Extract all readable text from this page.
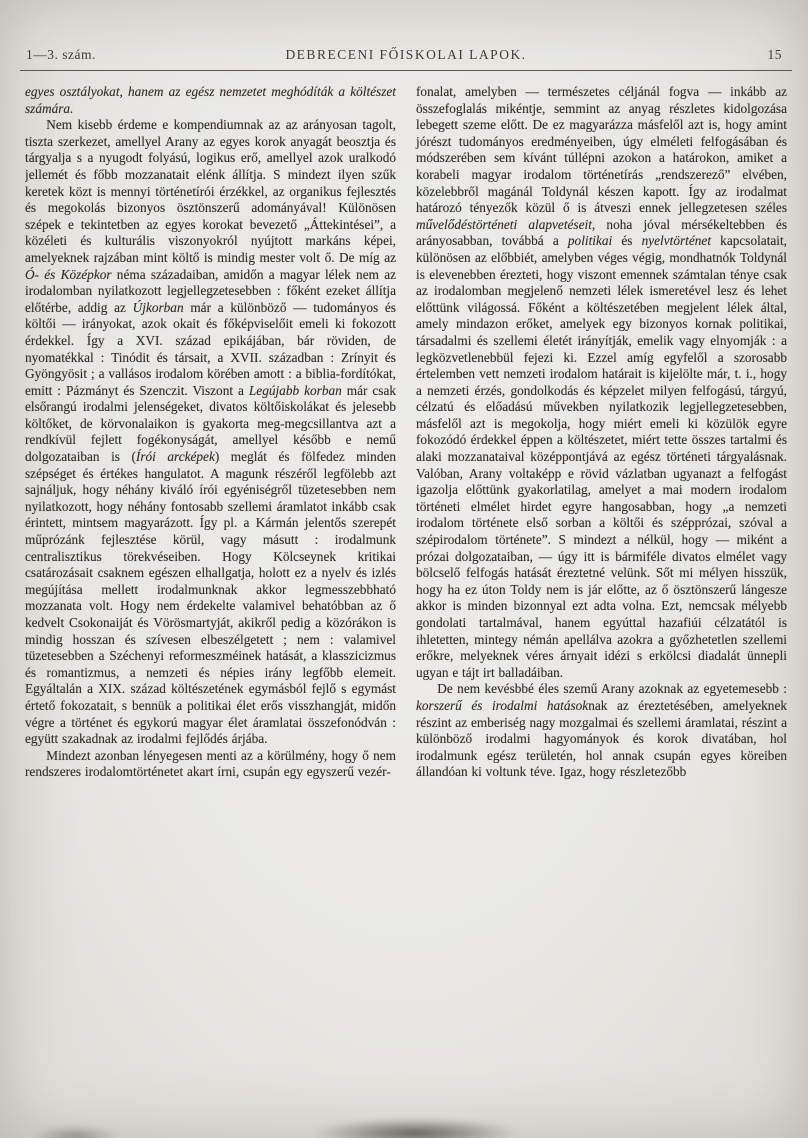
1—3. szám.	DEBRECENI FŐISKOLAI LAPOK.	15

egyes osztályokat, hanem az egész nemzetet meghódíták a költészet számára.

Nem kisebb érdeme e kompendiumnak az az arányosan tagolt, tiszta szerkezet, amellyel Arany az egyes korok anyagát beosztja és tárgyalja s a nyugodt folyású, logikus erő, amellyel azok uralkodó jellemét és főbb mozzanatait elénk állítja. S mindezt ilyen szűk keretek közt is mennyi történetírói érzékkel, az organikus fejlesztés és megokolás bizonyos ösztönszerű adományával! Különösen szépek e tekintetben az egyes korokat bevezető „Áttekintései”, a közéleti és kulturális viszonyokról nyújtott markáns képei, amelyeknek rajzában mint költő is mindig mester volt ő. De míg az Ó- és Középkor néma századaiban, amidőn a magyar lélek nem az irodalomban nyilatkozott legjellegzetesebben : főként ezeket állítja előtérbe, addig az Újkorban már a különböző — tudományos és költői — irányokat, azok okait és főképviselőit emeli ki fokozott érdekkel. Így a XVI. század epikájában, bár röviden, de nyomatékkal : Tinódit és társait, a XVII. században : Zrínyit és Gyöngyösit ; a vallásos irodalom körében amott : a biblia-fordítókat, emitt : Pázmányt és Szenczit. Viszont a Legújabb korban már csak elsőrangú irodalmi jelenségeket, divatos költőiskolákat és jelesebb költőket, de körvonalaikon is gyakorta meg-megcsillantva azt a rendkívül fejlett fogékonyságát, amellyel később e nemű dolgozataiban is (Írói arcképek) meglát és fölfedez minden szépséget és értékes hangulatot. A magunk részéről legfölebb azt sajnáljuk, hogy néhány kiváló írói egyéniségről tüzetesebben nem nyilatkozott, hogy néhány fontosabb szellemi áramlatot inkább csak érintett, mintsem magyarázott. Így pl. a Kármán jelentős szerepét műprózánk fejlesztése körül, vagy másutt : irodalmunk centralisztikus törekvéseiben. Hogy Kölcseynek kritikai csatározásait csaknem egészen elhallgatja, holott ez a nyelv és izlés megújítása mellett irodalmunknak akkor legmesszebbható mozzanata volt. Hogy nem érdekelte valamivel behatóbban az ő kedvelt Csokonaiját és Vörösmartyját, akikről pedig a közórákon is mindig hosszan és szívesen elbeszélgetett ; nem : valamivel tüzetesebben a Széchenyi reformeszméinek hatását, a klasszicizmus és romantizmus, a nemzeti és népies irány legfőbb elemeit. Egyáltalán a XIX. század költészetének egymásból fejlő s egymást értető fokozatait, s bennük a politikai élet erős visszhangját, midőn végre a történet és egykorú magyar élet áramlatai összefonódván : együtt szakadnak az irodalmi fejlődés árjába.

Mindezt azonban lényegesen menti az a körülmény, hogy ő nem rendszeres irodalomtörténetet akart írni, csupán egy egyszerű vezér-

fonalat, amelyben — természetes céljánál fogva — inkább az összefoglalás mikéntje, semmint az anyag részletes kidolgozása lebegett szeme előtt. De ez magyarázza másfelől azt is, hogy amint jórészt tudományos eredményeiben, úgy elméleti felfogásában és módszerében sem kívánt túllépni azokon a határokon, amiket a korabeli magyar irodalom történetírás „rendszerező” elvében, közelebbről magánál Toldynál készen kapott. Így az irodalmat határozó tényezők közül ő is átveszi ennek jellegzetesen széles művelődéstörténeti alapvetéseit, noha jóval mérsékeltebben és arányosabban, továbbá a politikai és nyelvtörténet kapcsolatait, különösen az előbbiét, amelyben véges végig, mondhatnók Toldynál is elevenebben érezteti, hogy viszont emennek számtalan ténye csak az irodalomban megjelenő nemzeti lélek ismeretével lesz és lehet előttünk világossá. Főként a költészetében megjelent lélek által, amely mindazon erőket, amelyek egy bizonyos kornak politikai, társadalmi és szellemi életét irányítják, emelik vagy elnyomják : a legközvetlenebbül fejezi ki. Ezzel amíg egyfelől a szorosabb értelemben vett nemzeti irodalom határait is kijelölte már, t. i., hogy a nemzeti érzés, gondolkodás és képzelet milyen felfogású, tárgyú, célzatú és előadású művekben nyilatkozik legjellegzetesebben, másfelől azt is megokolja, hogy miért emeli ki közülök egyre fokozódó érdekkel éppen a költészetet, miért tette összes tartalmi és alaki mozzanataival középpontjává az egész történeti tárgyalásnak. Valóban, Arany voltaképp e rövid vázlatban ugyanazt a felfogást igazolja előttünk gyakorlatilag, amelyet a mai modern irodalom történeti elmélet hirdet egyre hangosabban, hogy „a nemzeti irodalom története első sorban a költői és szépprózai, szóval a szépirodalom története”. S mindezt a nélkül, hogy — miként a prózai dolgozataiban, — úgy itt is bármiféle divatos elmélet vagy bölcselő felfogás hatását éreztetné velünk. Sőt mi mélyen hisszük, hogy ha ez úton Toldy nem is jár előtte, az ő ösztönszerű lángesze akkor is minden bizonnyal ezt adta volna. Ezt, nemcsak mélyebb gondolati tartalmával, hanem egyúttal hazafiúi célzatától is ihletetten, mintegy némán apellálva azokra a győzhetetlen szellemi erőkre, melyeknek véres árnyait idézi s erkölcsi diadalát ünnepli ugyan e tájt irt balladáiban.

De nem kevésbbé éles szemű Arany azoknak az egyetemesebb : korszerű és irodalmi hatásoknak az éreztetésében, amelyeknek részint az emberiség nagy mozgalmai és szellemi áramlatai, részint a különböző irodalmi hagyományok és korok divatában, hol irodalmunk egész területén, hol annak csupán egyes köreiben állandóan ki voltunk téve. Igaz, hogy részletezőbb
